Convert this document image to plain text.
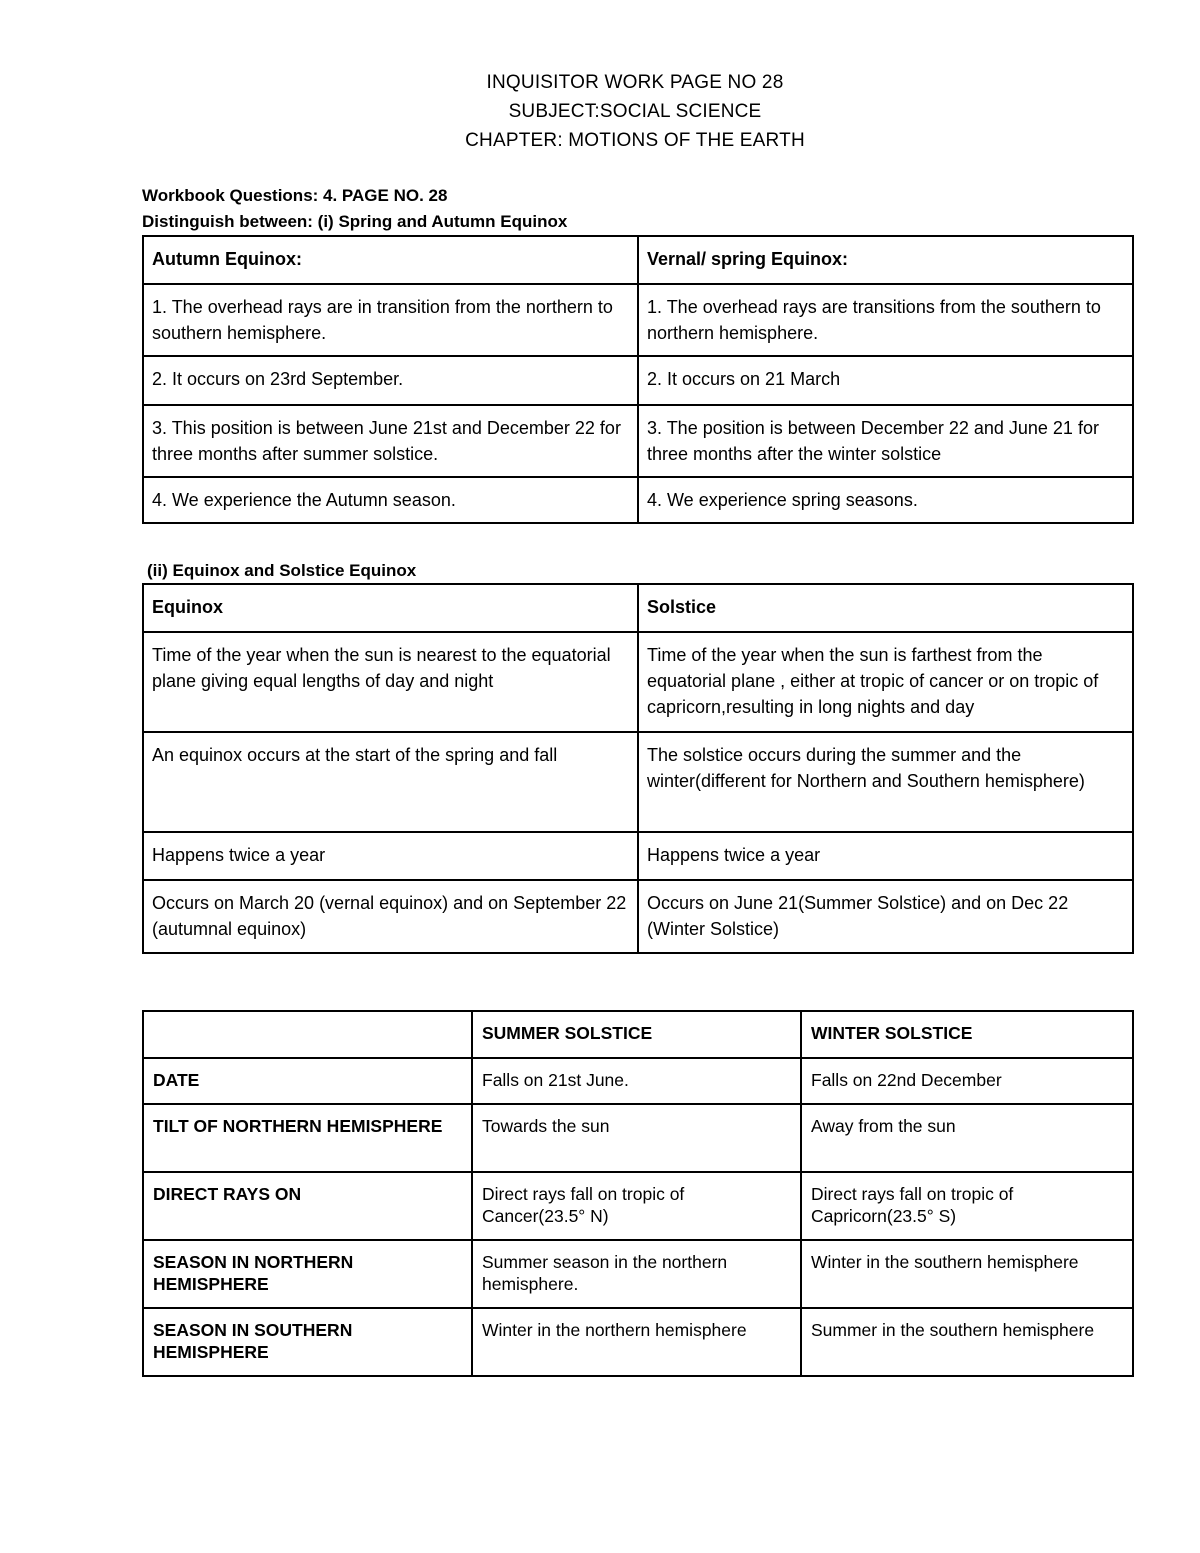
INQUISITOR WORK PAGE NO 28
SUBJECT:SOCIAL SCIENCE
CHAPTER: MOTIONS OF THE EARTH
Workbook Questions: 4. PAGE NO. 28
Distinguish between: (i) Spring and Autumn Equinox
Autumn Equinox:	Vernal/ spring Equinox:
1. The overhead rays are in transition from the northern to southern hemisphere.	1. The overhead rays are transitions from the southern to northern hemisphere.
2. It occurs on 23rd September.	2. It occurs on 21 March
3. This position is between June 21st and December 22 for three months after summer solstice.	3. The position is between December 22 and June 21 for three months after the winter solstice
4. We experience the Autumn season.	4. We experience spring seasons.
(ii) Equinox and Solstice Equinox
Equinox	Solstice
Time of the year when the sun is nearest to the equatorial plane giving equal lengths of day and night	Time of the year when the sun is farthest from the equatorial plane , either at tropic of cancer or on tropic of capricorn,resulting in long nights and day
An equinox occurs at the start of the spring and fall	The solstice occurs during the summer and the winter(different for Northern and Southern hemisphere)
Happens twice a year	Happens twice a year
Occurs on March 20 (vernal equinox) and on September 22 (autumnal equinox)	Occurs on June 21(Summer Solstice) and on Dec 22 (Winter Solstice)
	SUMMER SOLSTICE	WINTER SOLSTICE
DATE	Falls on 21st June.	Falls on 22nd December
TILT OF NORTHERN HEMISPHERE	Towards the sun	Away from the sun
DIRECT RAYS ON	Direct rays fall on tropic of Cancer(23.5° N)	Direct rays fall on tropic of Capricorn(23.5° S)
SEASON IN NORTHERN HEMISPHERE	Summer season in the northern hemisphere.	Winter in the southern hemisphere
SEASON IN SOUTHERN HEMISPHERE	Winter in the northern hemisphere	Summer in the southern hemisphere
